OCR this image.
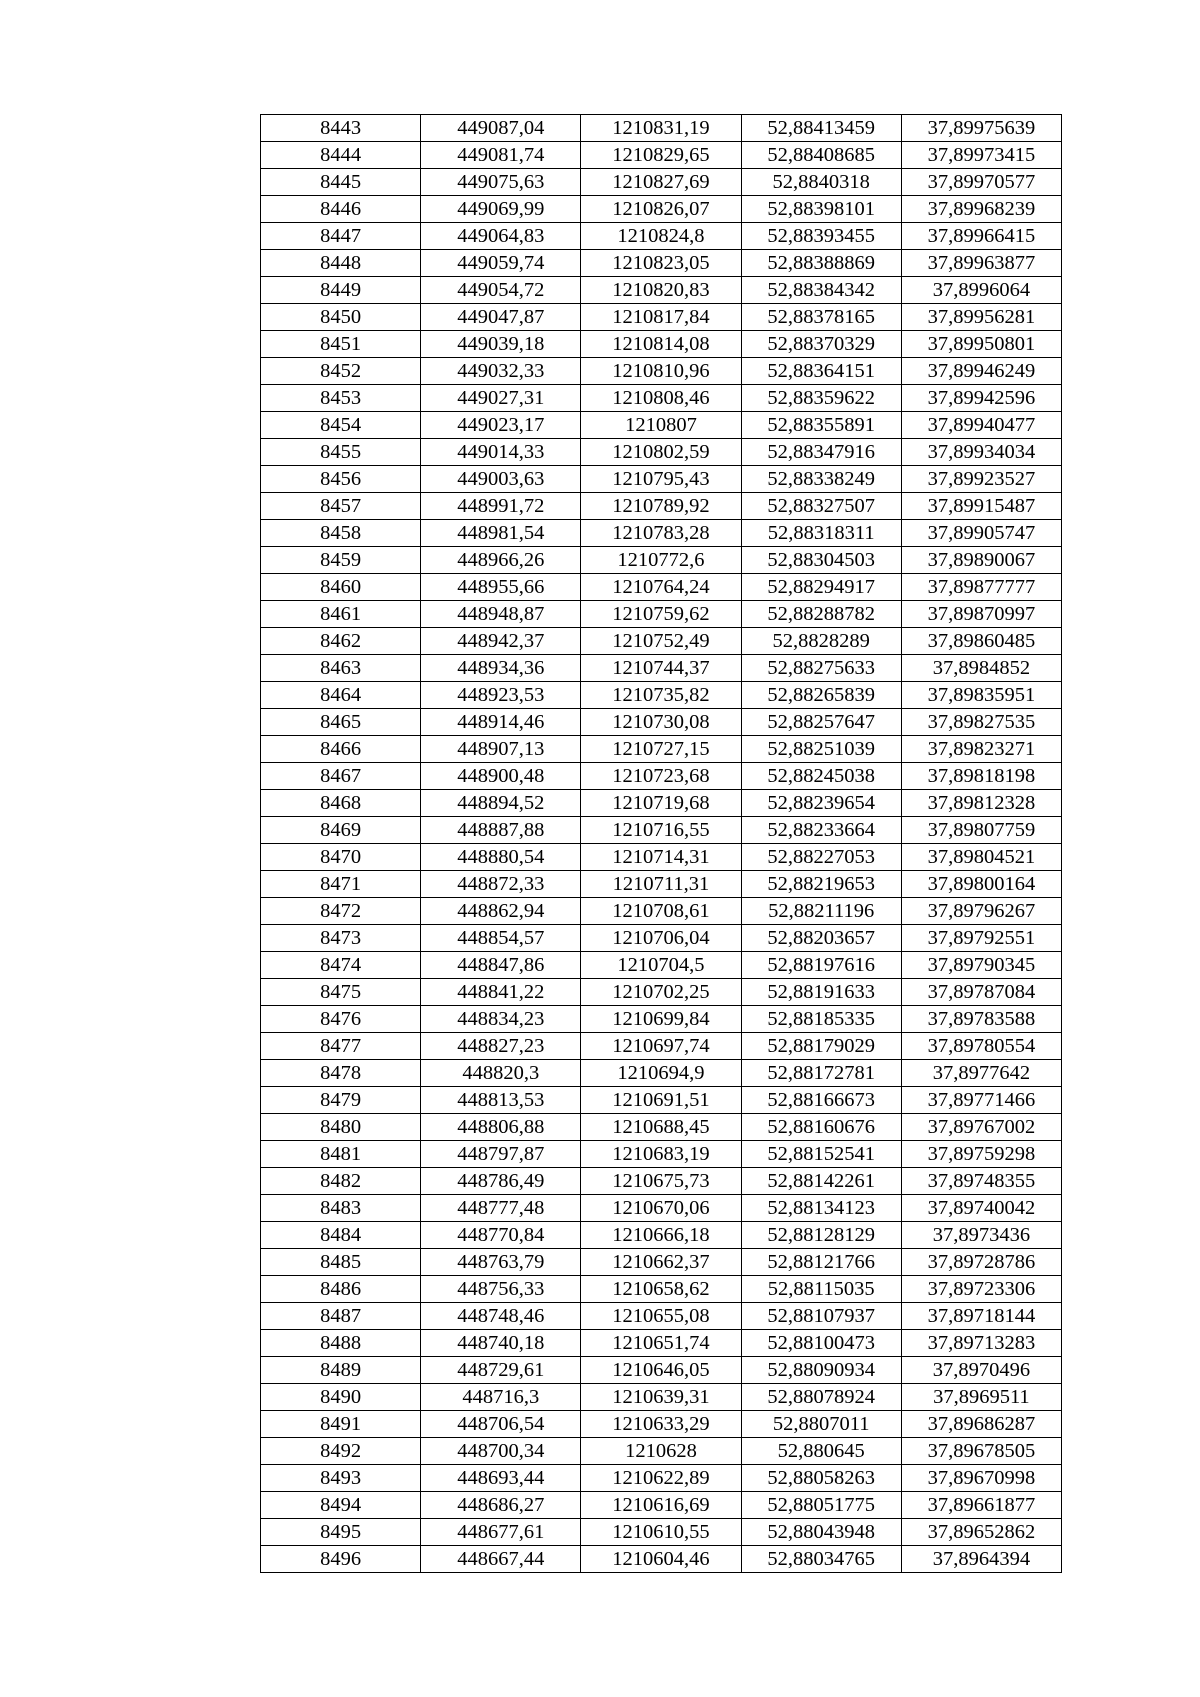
8443	449087,04	1210831,19	52,88413459	37,89975639
8444	449081,74	1210829,65	52,88408685	37,89973415
8445	449075,63	1210827,69	52,8840318	37,89970577
8446	449069,99	1210826,07	52,88398101	37,89968239
8447	449064,83	1210824,8	52,88393455	37,89966415
8448	449059,74	1210823,05	52,88388869	37,89963877
8449	449054,72	1210820,83	52,88384342	37,8996064
8450	449047,87	1210817,84	52,88378165	37,89956281
8451	449039,18	1210814,08	52,88370329	37,89950801
8452	449032,33	1210810,96	52,88364151	37,89946249
8453	449027,31	1210808,46	52,88359622	37,89942596
8454	449023,17	1210807	52,88355891	37,89940477
8455	449014,33	1210802,59	52,88347916	37,89934034
8456	449003,63	1210795,43	52,88338249	37,89923527
8457	448991,72	1210789,92	52,88327507	37,89915487
8458	448981,54	1210783,28	52,88318311	37,89905747
8459	448966,26	1210772,6	52,88304503	37,89890067
8460	448955,66	1210764,24	52,88294917	37,89877777
8461	448948,87	1210759,62	52,88288782	37,89870997
8462	448942,37	1210752,49	52,8828289	37,89860485
8463	448934,36	1210744,37	52,88275633	37,8984852
8464	448923,53	1210735,82	52,88265839	37,89835951
8465	448914,46	1210730,08	52,88257647	37,89827535
8466	448907,13	1210727,15	52,88251039	37,89823271
8467	448900,48	1210723,68	52,88245038	37,89818198
8468	448894,52	1210719,68	52,88239654	37,89812328
8469	448887,88	1210716,55	52,88233664	37,89807759
8470	448880,54	1210714,31	52,88227053	37,89804521
8471	448872,33	1210711,31	52,88219653	37,89800164
8472	448862,94	1210708,61	52,88211196	37,89796267
8473	448854,57	1210706,04	52,88203657	37,89792551
8474	448847,86	1210704,5	52,88197616	37,89790345
8475	448841,22	1210702,25	52,88191633	37,89787084
8476	448834,23	1210699,84	52,88185335	37,89783588
8477	448827,23	1210697,74	52,88179029	37,89780554
8478	448820,3	1210694,9	52,88172781	37,8977642
8479	448813,53	1210691,51	52,88166673	37,89771466
8480	448806,88	1210688,45	52,88160676	37,89767002
8481	448797,87	1210683,19	52,88152541	37,89759298
8482	448786,49	1210675,73	52,88142261	37,89748355
8483	448777,48	1210670,06	52,88134123	37,89740042
8484	448770,84	1210666,18	52,88128129	37,8973436
8485	448763,79	1210662,37	52,88121766	37,89728786
8486	448756,33	1210658,62	52,88115035	37,89723306
8487	448748,46	1210655,08	52,88107937	37,89718144
8488	448740,18	1210651,74	52,88100473	37,89713283
8489	448729,61	1210646,05	52,88090934	37,8970496
8490	448716,3	1210639,31	52,88078924	37,8969511
8491	448706,54	1210633,29	52,8807011	37,89686287
8492	448700,34	1210628	52,880645	37,89678505
8493	448693,44	1210622,89	52,88058263	37,89670998
8494	448686,27	1210616,69	52,88051775	37,89661877
8495	448677,61	1210610,55	52,88043948	37,89652862
8496	448667,44	1210604,46	52,88034765	37,8964394
